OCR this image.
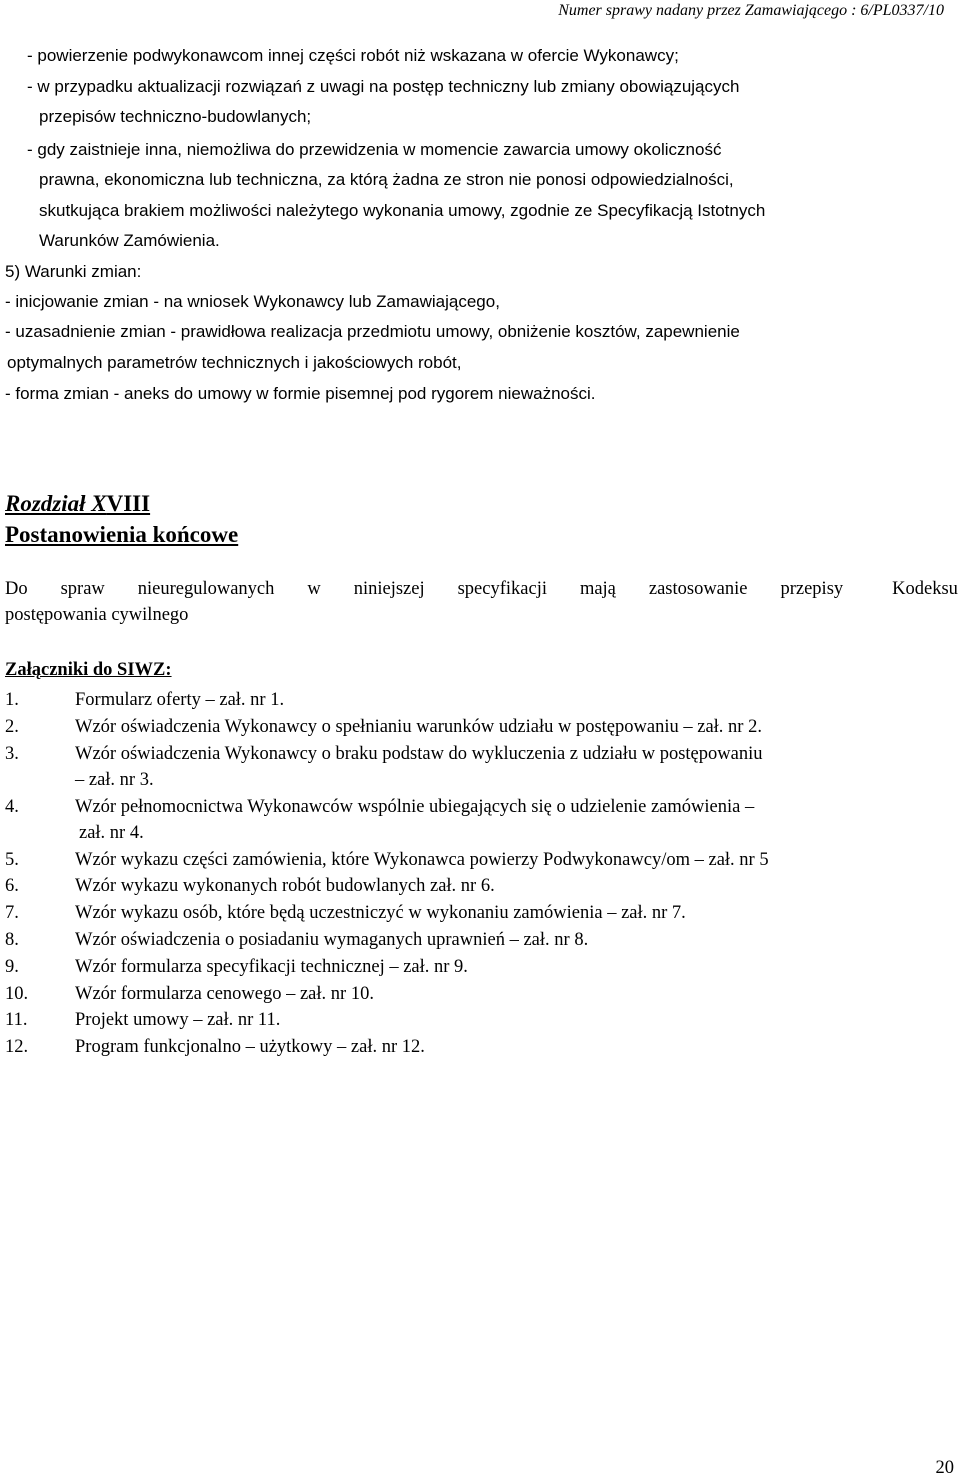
Numer sprawy nadany przez Zamawiającego : 6/PL0337/10
- powierzenie podwykonawcom innej części robót niż wskazana w ofercie Wykonawcy;
- w przypadku aktualizacji rozwiązań z uwagi na postęp techniczny lub zmiany obowiązujących
przepisów techniczno-budowlanych;
- gdy zaistnieje inna, niemożliwa do przewidzenia w momencie zawarcia umowy okoliczność
prawna, ekonomiczna lub techniczna, za którą żadna ze stron nie ponosi odpowiedzialności,
skutkująca brakiem możliwości należytego wykonania umowy, zgodnie ze Specyfikacją Istotnych
Warunków Zamówienia.
5) Warunki zmian:
- inicjowanie zmian - na wniosek Wykonawcy lub Zamawiającego,
- uzasadnienie zmian - prawidłowa realizacja przedmiotu umowy, obniżenie kosztów, zapewnienie
optymalnych parametrów technicznych i jakościowych robót,
- forma zmian - aneks do umowy w formie pisemnej pod rygorem nieważności.
Rozdział XVIII
Postanowienia końcowe
Do spraw nieuregulowanych w niniejszej specyfikacji mają zastosowanie przepisy	Kodeksu
postępowania cywilnego
Załączniki do SIWZ:
1.	Formularz oferty – zał. nr 1.
2.	Wzór oświadczenia Wykonawcy o spełnianiu warunków udziału w postępowaniu – zał. nr 2.
3.	Wzór oświadczenia Wykonawcy o braku podstaw do wykluczenia z udziału w postępowaniu
– zał. nr 3.
4.	Wzór pełnomocnictwa Wykonawców wspólnie ubiegających się o udzielenie zamówienia –
zał. nr 4.
5.	Wzór wykazu części zamówienia, które Wykonawca powierzy Podwykonawcy/om – zał. nr 5
6.	Wzór wykazu wykonanych robót budowlanych zał. nr 6.
7.	Wzór wykazu osób, które będą uczestniczyć w wykonaniu zamówienia – zał. nr 7.
8.	Wzór oświadczenia o posiadaniu wymaganych uprawnień – zał. nr 8.
9.	Wzór formularza specyfikacji technicznej – zał. nr 9.
10.	Wzór formularza cenowego – zał. nr 10.
11.	Projekt umowy – zał. nr 11.
12.	Program funkcjonalno – użytkowy – zał. nr 12.
20
